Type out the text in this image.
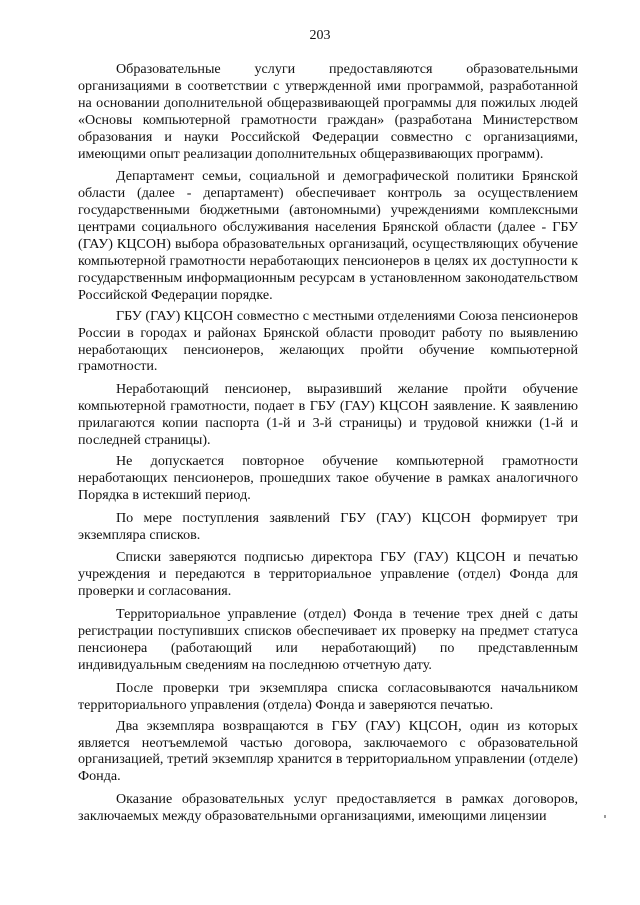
203

Образовательные услуги предоставляются образовательными организациями в соответствии с утвержденной ими программой, разработанной на основании дополнительной общеразвивающей программы для пожилых людей «Основы компьютерной грамотности граждан» (разработана Министерством образования и науки Российской Федерации совместно с организациями, имеющими опыт реализации дополнительных общеразвивающих программ).

Департамент семьи, социальной и демографической политики Брянской области (далее - департамент) обеспечивает контроль за осуществлением государственными бюджетными (автономными) учреждениями комплексными центрами социального обслуживания населения Брянской области (далее - ГБУ (ГАУ) КЦСОН) выбора образовательных организаций, осуществляющих обучение компьютерной грамотности неработающих пенсионеров в целях их доступности к государственным информационным ресурсам в установленном законодательством Российской Федерации порядке.

ГБУ (ГАУ) КЦСОН совместно с местными отделениями Союза пенсионеров России в городах и районах Брянской области проводит работу по выявлению неработающих пенсионеров, желающих пройти обучение компьютерной грамотности.

Неработающий пенсионер, выразивший желание пройти обучение компьютерной грамотности, подает в ГБУ (ГАУ) КЦСОН заявление. К заявлению прилагаются копии паспорта (1-й и 3-й страницы) и трудовой книжки (1-й и последней страницы).

Не допускается повторное обучение компьютерной грамотности неработающих пенсионеров, прошедших такое обучение в рамках аналогичного Порядка в истекший период.

По мере поступления заявлений ГБУ (ГАУ) КЦСОН формирует три экземпляра списков.

Списки заверяются подписью директора ГБУ (ГАУ) КЦСОН и печатью учреждения и передаются в территориальное управление (отдел) Фонда для проверки и согласования.

Территориальное управление (отдел) Фонда в течение трех дней с даты регистрации поступивших списков обеспечивает их проверку на предмет статуса пенсионера (работающий или неработающий) по представленным индивидуальным сведениям на последнюю отчетную дату.

После проверки три экземпляра списка согласовываются начальником территориального управления (отдела) Фонда и заверяются печатью.

Два экземпляра возвращаются в ГБУ (ГАУ) КЦСОН, один из которых является неотъемлемой частью договора, заключаемого с образовательной организацией, третий экземпляр хранится в территориальном управлении (отделе) Фонда.

Оказание образовательных услуг предоставляется в рамках договоров, заключаемых между образовательными организациями, имеющими лицензии
